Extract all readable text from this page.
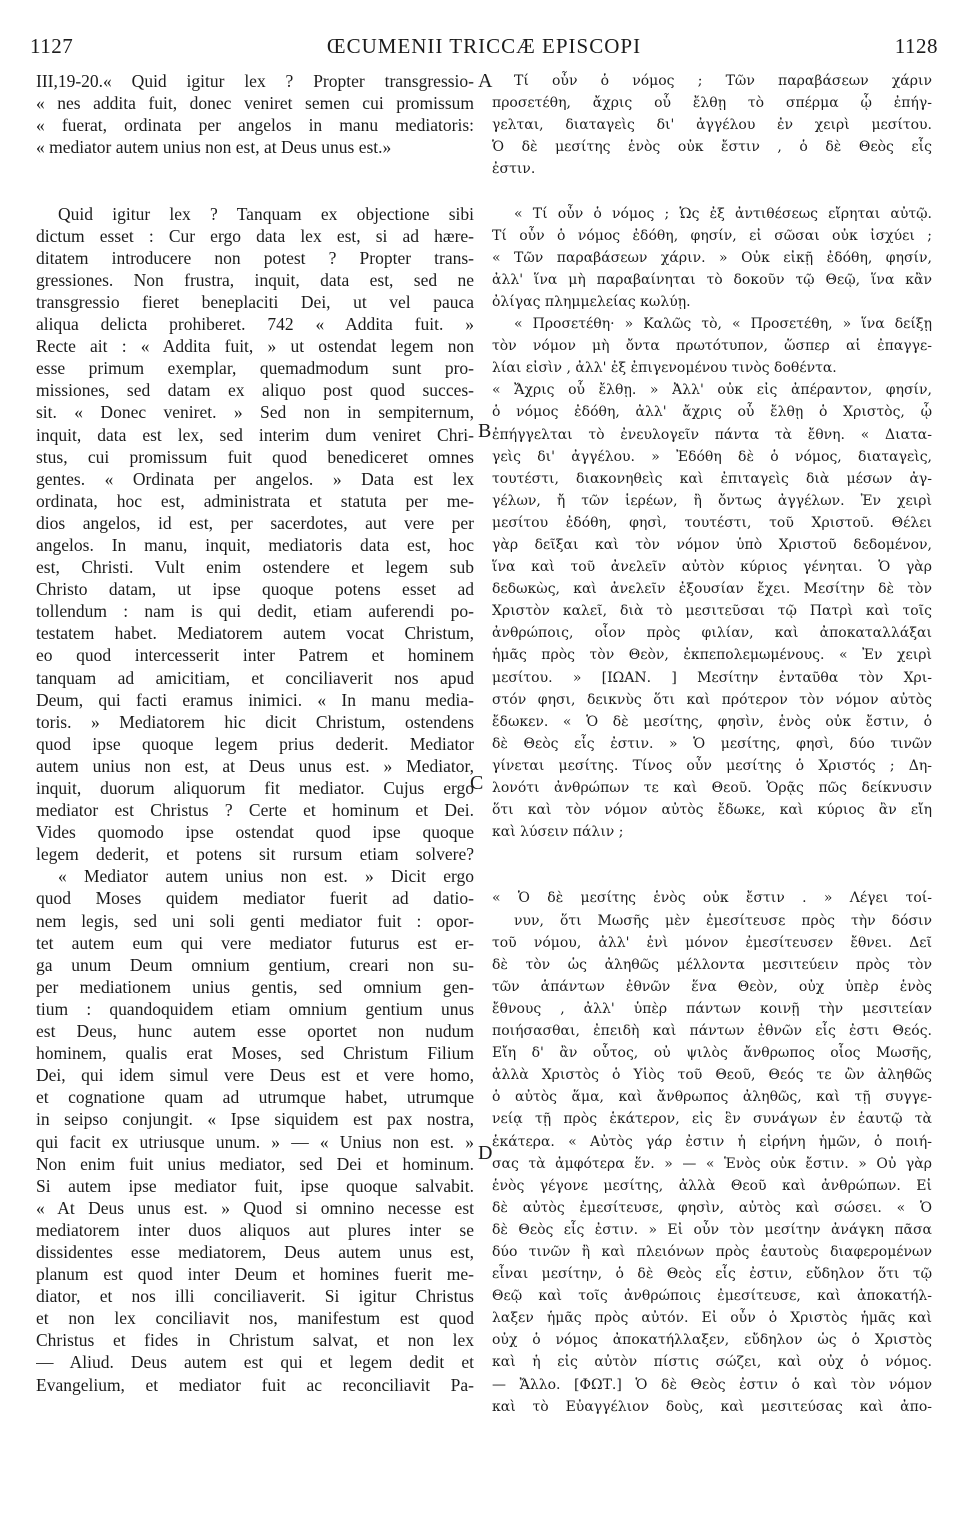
1127	ŒCUMENII TRICCÆ EPISCOPI	1128
A
B
C
D
III,19-20.« Quid igitur lex ? Propter transgressio-
« nes addita fuit, donec veniret semen cui promissum
« fuerat, ordinata per angelos in manu mediatoris:
« mediator autem unius non est, at Deus unus est.»
Quid igitur lex ? Tanquam ex objectione sibi
dictum esset : Cur ergo data lex est, si ad hære-
ditatem introducere non potest ? Propter trans-
gressiones. Non frustra, inquit, data est, sed ne
transgressio fieret beneplaciti Dei, ut vel pauca
aliqua delicta prohiberet. 742 « Addita fuit. »
Recte ait : « Addita fuit, » ut ostendat legem non
esse primum exemplar, quemadmodum sunt pro-
missiones, sed datam ex aliquo post quod succes-
sit. « Donec veniret. » Sed non in sempiternum,
inquit, data est lex, sed interim dum veniret Chri-
stus, cui promissum fuit quod benediceret omnes
gentes. « Ordinata per angelos. » Data est lex
ordinata, hoc est, administrata et statuta per me-
dios angelos, id est, per sacerdotes, aut vere per
angelos. In manu, inquit, mediatoris data est, hoc
est, Christi. Vult enim ostendere et legem sub
Christo datam, ut ipse quoque potens esset ad
tollendum : nam is qui dedit, etiam auferendi po-
testatem habet. Mediatorem autem vocat Christum,
eo quod intercesserit inter Patrem et hominem
tanquam ad amicitiam, et conciliaverit nos apud
Deum, qui facti eramus inimici. « In manu media-
toris. » Mediatorem hic dicit Christum, ostendens
quod ipse quoque legem prius dederit. Mediator
autem unius non est, at Deus unus est. » Mediator,
inquit, duorum aliquorum fit mediator. Cujus ergo
mediator est Christus ? Certe et hominum et Dei.
Vides quomodo ipse ostendat quod ipse quoque
legem dederit, et potens sit rursum etiam solvere?
« Mediator autem unius non est. » Dicit ergo
quod Moses quidem mediator fuerit ad datio-
nem legis, sed uni soli genti mediator fuit : opor-
tet autem eum qui vere mediator futurus est er-
ga unum Deum omnium gentium, creari non su-
per mediationem unius gentis, sed omnium gen-
tium : quandoquidem etiam omnium gentium unus
est Deus, hunc autem esse oportet non nudum
hominem, qualis erat Moses, sed Christum Filium
Dei, qui idem simul vere Deus est et vere homo,
et cognatione quam ad utrumque habet, utrumque
in seipso conjungit. « Ipse siquidem est pax nostra,
qui facit ex utriusque unum. » — « Unius non est. »
Non enim fuit unius mediator, sed Dei et hominum.
Si autem ipse mediator fuit, ipse quoque salvabit.
« At Deus unus est. » Quod si omnino necesse est
mediatorem inter duos aliquos aut plures inter se
dissidentes esse mediatorem, Deus autem unus est,
planum est quod inter Deum et homines fuerit me-
diator, et nos illi conciliaverit. Si igitur Christus
et non lex conciliavit nos, manifestum est quod
Christus et fides in Christum salvat, et non lex
— Aliud. Deus autem est qui et legem dedit et
Evangelium, et mediator fuit ac reconciliavit Pa-
Τί οὖν ὁ νόμος ; Τῶν παραβάσεων χάριν
προσετέθη, ἄχρις οὗ ἔλθῃ τὸ σπέρμα ᾧ ἐπήγ-
γελται, διαταγεὶς δι' ἀγγέλου ἐν χειρὶ μεσίτου.
Ὁ δὲ μεσίτης ἑνὸς οὐκ ἔστιν , ὁ δὲ Θεὸς εἷς
ἐστιν.
« Τί οὖν ὁ νόμος ; Ὡς ἐξ ἀντιθέσεως εἴρηται αὐτῷ.
Τί οὖν ὁ νόμος ἐδόθη, φησίν, εἰ σῶσαι οὐκ ἰσχύει ;
« Τῶν παραβάσεων χάριν. » Οὐκ εἰκῇ ἐδόθη, φησίν,
ἀλλ' ἵνα μὴ παραβαίνηται τὸ δοκοῦν τῷ Θεῷ, ἵνα κἂν
ὀλίγας πλημμελείας κωλύῃ.
« Προσετέθη· » Καλῶς τὸ, « Προσετέθη, » ἵνα δείξῃ
τὸν νόμον μὴ ὄντα πρωτότυπον, ὥσπερ αἱ ἐπαγγε-
λίαι εἰσὶν , ἀλλ' ἐξ ἐπιγενομένου τινὸς δοθέντα.
« Ἄχρις οὗ ἔλθῃ. » Ἀλλ' οὐκ εἰς ἀπέραντον, φησίν,
ὁ νόμος ἐδόθη, ἀλλ' ἄχρις οὗ ἔλθῃ ὁ Χριστὸς, ᾧ
ἐπήγγελται τὸ ἐνευλογεῖν πάντα τὰ ἔθνη. « Διατα-
γεὶς δι' ἀγγέλου. » Ἐδόθη δὲ ὁ νόμος, διαταγεὶς,
τουτέστι, διακονηθεὶς καὶ ἐπιταγεὶς διὰ μέσων ἀγ-
γέλων, ἤ τῶν ἱερέων, ἢ ὄντως ἀγγέλων. Ἐν χειρὶ
μεσίτου ἐδόθη, φησὶ, τουτέστι, τοῦ Χριστοῦ. Θέλει
γὰρ δεῖξαι καὶ τὸν νόμον ὑπὸ Χριστοῦ δεδομένον,
ἵνα καὶ τοῦ ἀνελεῖν αὐτὸν κύριος γένηται. Ὁ γὰρ
δεδωκὼς, καὶ ἀνελεῖν ἐξουσίαν ἔχει. Μεσίτην δὲ τὸν
Χριστὸν καλεῖ, διὰ τὸ μεσιτεῦσαι τῷ Πατρὶ καὶ τοῖς
ἀνθρώποις, οἷον πρὸς φιλίαν, καὶ ἀποκαταλλάξαι
ἡμᾶς πρὸς τὸν Θεὸν, ἐκπεπολεμωμένους. « Ἐν χειρὶ
μεσίτου. » [ΙΩΑΝ. ] Μεσίτην ἐνταῦθα τὸν Χρι-
στόν φησι, δεικνὺς ὅτι καὶ πρότερον τὸν νόμον αὐτὸς
ἔδωκεν. « Ὁ δὲ μεσίτης, φησὶν, ἑνὸς οὐκ ἔστιν, ὁ
δὲ Θεὸς εἷς ἐστιν. » Ὁ μεσίτης, φησὶ, δύο τινῶν
γίνεται μεσίτης. Τίνος οὖν μεσίτης ὁ Χριστός ; Δη-
λονότι ἀνθρώπων τε καὶ Θεοῦ. Ὁρᾷς πῶς δείκνυσιν
ὅτι καὶ τὸν νόμον αὐτὸς ἔδωκε, καὶ κύριος ἂν εἴη
καὶ λύσειν πάλιν ;
« Ὁ δὲ μεσίτης ἑνὸς οὐκ ἔστιν . » Λέγει τοί-
νυν, ὅτι Μωσῆς μὲν ἐμεσίτευσε πρὸς τὴν δόσιν
τοῦ νόμου, ἀλλ' ἑνὶ μόνον ἐμεσίτευσεν ἔθνει. Δεῖ
δὲ τὸν ὡς ἀληθῶς μέλλοντα μεσιτεύειν πρὸς τὸν
τῶν ἁπάντων ἐθνῶν ἕνα Θεὸν, οὐχ ὑπὲρ ἑνὸς
ἔθνους , ἀλλ' ὑπὲρ πάντων κοινῇ τὴν μεσιτείαν
ποιήσασθαι, ἐπειδὴ καὶ πάντων ἐθνῶν εἷς ἐστι Θεός.
Εἴη δ' ἂν οὗτος, οὐ ψιλὸς ἄνθρωπος οἷος Μωσῆς,
ἀλλὰ Χριστὸς ὁ Υἱὸς τοῦ Θεοῦ, Θεός τε ὢν ἀληθῶς
ὁ αὐτὸς ἅμα, καὶ ἄνθρωπος ἀληθῶς, καὶ τῇ συγγε-
νείᾳ τῇ πρὸς ἑκάτερον, εἰς ἓν συνάγων ἐν ἑαυτῷ τὰ
ἑκάτερα. « Αὐτὸς γάρ ἐστιν ἡ εἰρήνη ἡμῶν, ὁ ποιή-
σας τὰ ἀμφότερα ἕν. » — « Ἑνὸς οὐκ ἔστιν. » Οὐ γὰρ
ἑνὸς γέγονε μεσίτης, ἀλλὰ Θεοῦ καὶ ἀνθρώπων. Εἰ
δὲ αὐτὸς ἐμεσίτευσε, φησὶν, αὐτὸς καὶ σώσει. « Ὁ
δὲ Θεὸς εἷς ἐστιν. » Εἰ οὖν τὸν μεσίτην ἀνάγκη πᾶσα
δύο τινῶν ἢ καὶ πλειόνων πρὸς ἑαυτοὺς διαφερομένων
εἶναι μεσίτην, ὁ δὲ Θεὸς εἷς ἐστιν, εὔδηλον ὅτι τῷ
Θεῷ καὶ τοῖς ἀνθρώποις ἐμεσίτευσε, καὶ ἀποκατήλ-
λαξεν ἡμᾶς πρὸς αὐτόν. Εἰ οὖν ὁ Χριστὸς ἡμᾶς καὶ
οὐχ ὁ νόμος ἀποκατήλλαξεν, εὔδηλον ὡς ὁ Χριστὸς
καὶ ἡ εἰς αὐτὸν πίστις σώζει, καὶ οὐχ ὁ νόμος.
— Ἄλλο. [ΦΩΤ.] Ὁ δὲ Θεὸς ἐστιν ὁ καὶ τὸν νόμον
καὶ τὸ Εὐαγγέλιον δοὺς, καὶ μεσιτεύσας καὶ ἀπο-
